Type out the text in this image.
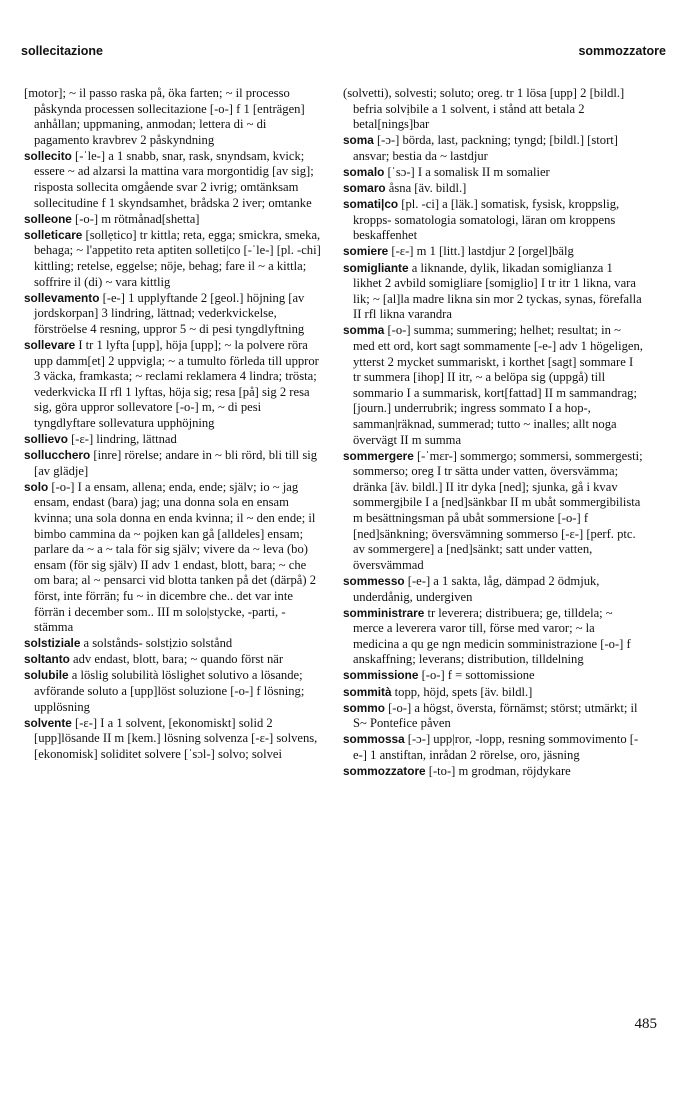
sollecitazione	sommozzatore

[motor]; ~ il passo raska på, öka farten; ~ il processo påskynda processen sollecitazione [-o-] f 1 [enträgen] anhållan; uppmaning, anmodan; lettera di ~ di pagamento kravbrev 2 påskyndning

sollecito [-ˈle-] a 1 snabb, snar, rask, snyndsam, kvick; essere ~ ad alzarsi la mattina vara morgontidig [av sig]; risposta sollecita omgående svar 2 ivrig; omtänksam sollecitudine f 1 skyndsamhet, brådska 2 iver; omtanke

solleone [-o-] m rötmånad[shetta]

solleticare [sollẹtico] tr kittla; reta, egga; smickra, smeka, behaga; ~ l'appetito reta aptiten solleti|co [-ˈle-] [pl. -chi] kittling; retelse, eggelse; nöje, behag; fare il ~ a kittla; soffrire il (di) ~ vara kittlig

sollevamento [-e-] 1 upplyftande 2 [geol.] höjning [av jordskorpan] 3 lindring, lättnad; vederkvickelse, förströelse 4 resning, uppror 5 ~ di pesi tyngdlyftning

sollevare I tr 1 lyfta [upp], höja [upp]; ~ la polvere röra upp damm[et] 2 uppvigla; ~ a tumulto förleda till uppror 3 väcka, framkasta; ~ reclami reklamera 4 lindra; trösta; vederkvicka II rfl 1 lyftas, höja sig; resa [på] sig 2 resa sig, göra uppror sollevatore [-o-] m, ~ di pesi tyngdlyftare sollevatura upphöjning

sollievo [-ε-] lindring, lättnad

sollucchero [inre] rörelse; andare in ~ bli rörd, bli till sig [av glädje]

solo [-o-] I a ensam, allena; enda, ende; själv; io ~ jag ensam, endast (bara) jag; una donna sola en ensam kvinna; una sola donna en enda kvinna; il ~ den ende; il bimbo cammina da ~ pojken kan gå [alldeles] ensam; parlare da ~ a ~ tala för sig själv; vivere da ~ leva (bo) ensam (för sig själv) II adv 1 endast, blott, bara; ~ che om bara; al ~ pensarci vid blotta tanken på det (därpå) 2 först, inte förrän; fu ~ in dicembre che.. det var inte förrän i december som.. III m solo|stycke, -parti, -stämma

solstiziale a solstånds- solstịzio solstånd

soltanto adv endast, blott, bara; ~ quando först när

solubile a löslig solubilità löslighet solutivo a lösande; avförande soluto a [upp]löst soluzione [-o-] f lösning; upplösning

solvente [-ε-] I a 1 solvent, [ekonomiskt] solid 2 [upp]lösande II m [kem.] lösning solvenza [-ε-] solvens, [ekonomisk] soliditet solvere [ˈsɔl-] solvo; solvei

(solvetti), solvesti; soluto; oreg. tr 1 lösa [upp] 2 [bildl.] befria solvịbile a 1 solvent, i stånd att betala 2 betal[nings]bar

soma [-ɔ-] börda, last, packning; tyngd; [bildl.] [stort] ansvar; bestia da ~ lastdjur

somalo [ˈsɔ-] I a somalisk II m somalier

somaro åsna [äv. bildl.]

somati|co [pl. -ci] a [läk.] somatisk, fysisk, kroppslig, kropps- somatologia somatologi, läran om kroppens beskaffenhet

somiere [-ε-] m 1 [litt.] lastdjur 2 [orgel]bälg

somigliante a liknande, dylik, likadan somiglianza 1 likhet 2 avbild somigliare [somịglio] I tr itr 1 likna, vara lik; ~ [al]la madre likna sin mor 2 tyckas, synas, förefalla II rfl likna varandra

somma [-o-] summa; summering; helhet; resultat; in ~ med ett ord, kort sagt sommamente [-e-] adv 1 högeligen, ytterst 2 mycket summariskt, i korthet [sagt] sommare I tr summera [ihop] II itr, ~ a belöpa sig (uppgå) till sommario I a summarisk, kort[fattad] II m sammandrag; [journ.] underrubrik; ingress sommato I a hop-, samman|räknad, summerad; tutto ~ inalles; allt noga övervägt II m summa

sommergere [-ˈmεr-] sommergo; sommersi, sommergesti; sommerso; oreg I tr sätta under vatten, översvämma; dränka [äv. bildl.] II itr dyka [ned]; sjunka, gå i kvav sommergịbile I a [ned]sänkbar II m ubåt sommergibilista m besättningsman på ubåt sommersione [-o-] f [ned]sänkning; översvämning sommerso [-ε-] [perf. ptc. av sommergere] a [ned]sänkt; satt under vatten, översvämmad

sommesso [-e-] a 1 sakta, låg, dämpad 2 ödmjuk, underdånig, undergiven

somministrare tr leverera; distribuera; ge, tilldela; ~ merce a leverera varor till, förse med varor; ~ la medicina a qu ge ngn medicin somministrazione [-o-] f anskaffning; leverans; distribution, tilldelning

sommissione [-o-] f = sottomissione

sommità topp, höjd, spets [äv. bildl.]

sommo [-o-] a högst, översta, förnämst; störst; utmärkt; il S~ Pontefice påven

sommossa [-ɔ-] upp|ror, -lopp, resning sommovimento [-e-] 1 anstiftan, inrådan 2 rörelse, oro, jäsning

sommozzatore [-to-] m grodman, röjdykare

485
